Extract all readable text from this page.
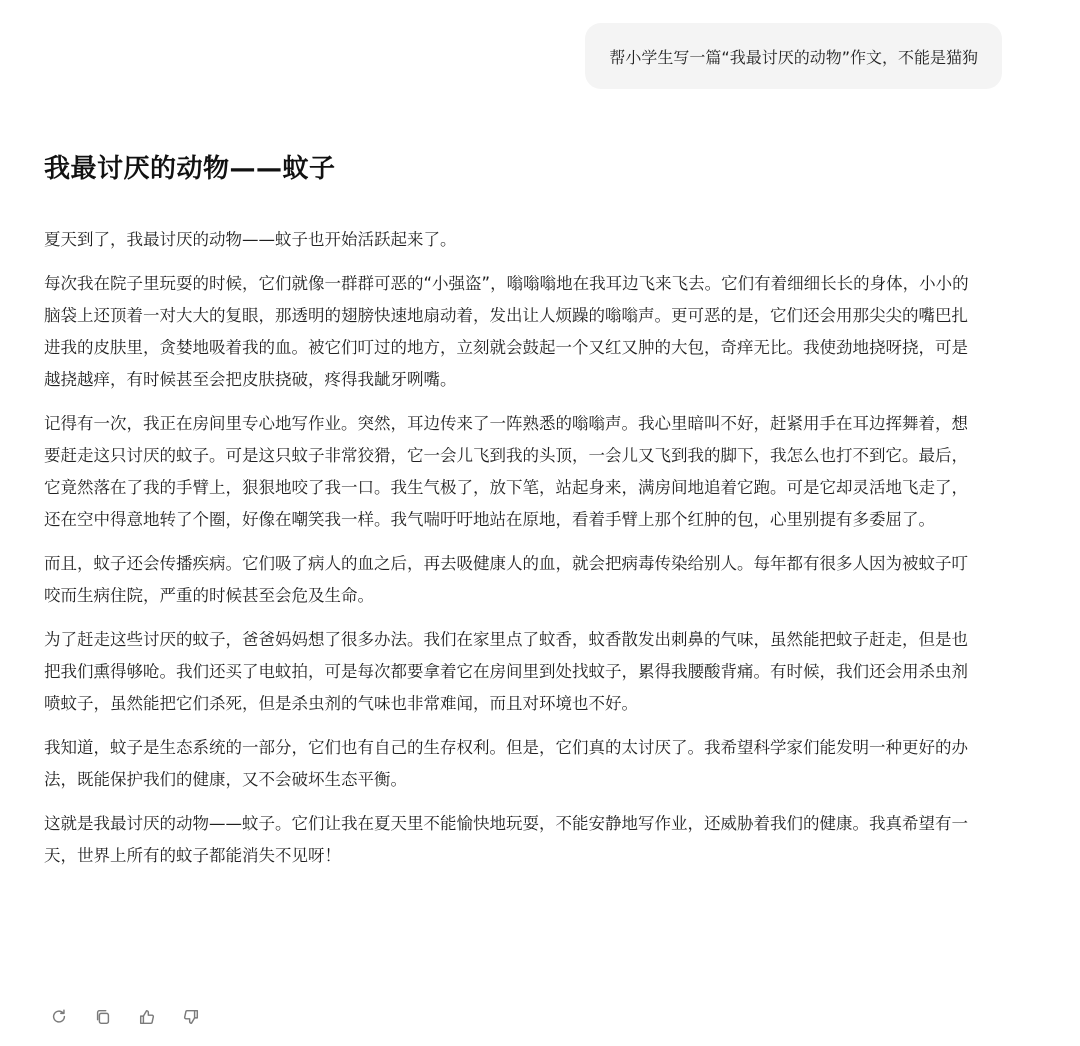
帮小学生写一篇“我最讨厌的动物”作文，不能是猫狗
我最讨厌的动物——蚊子

夏天到了，我最讨厌的动物——蚊子也开始活跃起来了。

每次我在院子里玩耍的时候，它们就像一群群可恶的“小强盗”，嗡嗡嗡地在我耳边飞来飞去。它们有着细细长长的身体，小小的脑袋上还顶着一对大大的复眼，那透明的翅膀快速地扇动着，发出让人烦躁的嗡嗡声。更可恶的是，它们还会用那尖尖的嘴巴扎进我的皮肤里，贪婪地吸着我的血。被它们叮过的地方，立刻就会鼓起一个又红又肿的大包，奇痒无比。我使劲地挠呀挠，可是越挠越痒，有时候甚至会把皮肤挠破，疼得我龇牙咧嘴。

记得有一次，我正在房间里专心地写作业。突然，耳边传来了一阵熟悉的嗡嗡声。我心里暗叫不好，赶紧用手在耳边挥舞着，想要赶走这只讨厌的蚊子。可是这只蚊子非常狡猾，它一会儿飞到我的头顶，一会儿又飞到我的脚下，我怎么也打不到它。最后，它竟然落在了我的手臂上，狠狠地咬了我一口。我生气极了，放下笔，站起身来，满房间地追着它跑。可是它却灵活地飞走了，还在空中得意地转了个圈，好像在嘲笑我一样。我气喘吁吁地站在原地，看着手臂上那个红肿的包，心里别提有多委屈了。

而且，蚊子还会传播疾病。它们吸了病人的血之后，再去吸健康人的血，就会把病毒传染给别人。每年都有很多人因为被蚊子叮咬而生病住院，严重的时候甚至会危及生命。

为了赶走这些讨厌的蚊子，爸爸妈妈想了很多办法。我们在家里点了蚊香，蚊香散发出刺鼻的气味，虽然能把蚊子赶走，但是也把我们熏得够呛。我们还买了电蚊拍，可是每次都要拿着它在房间里到处找蚊子，累得我腰酸背痛。有时候，我们还会用杀虫剂喷蚊子，虽然能把它们杀死，但是杀虫剂的气味也非常难闻，而且对环境也不好。

我知道，蚊子是生态系统的一部分，它们也有自己的生存权利。但是，它们真的太讨厌了。我希望科学家们能发明一种更好的办法，既能保护我们的健康，又不会破坏生态平衡。

这就是我最讨厌的动物——蚊子。它们让我在夏天里不能愉快地玩耍，不能安静地写作业，还威胁着我们的健康。我真希望有一天，世界上所有的蚊子都能消失不见呀！
